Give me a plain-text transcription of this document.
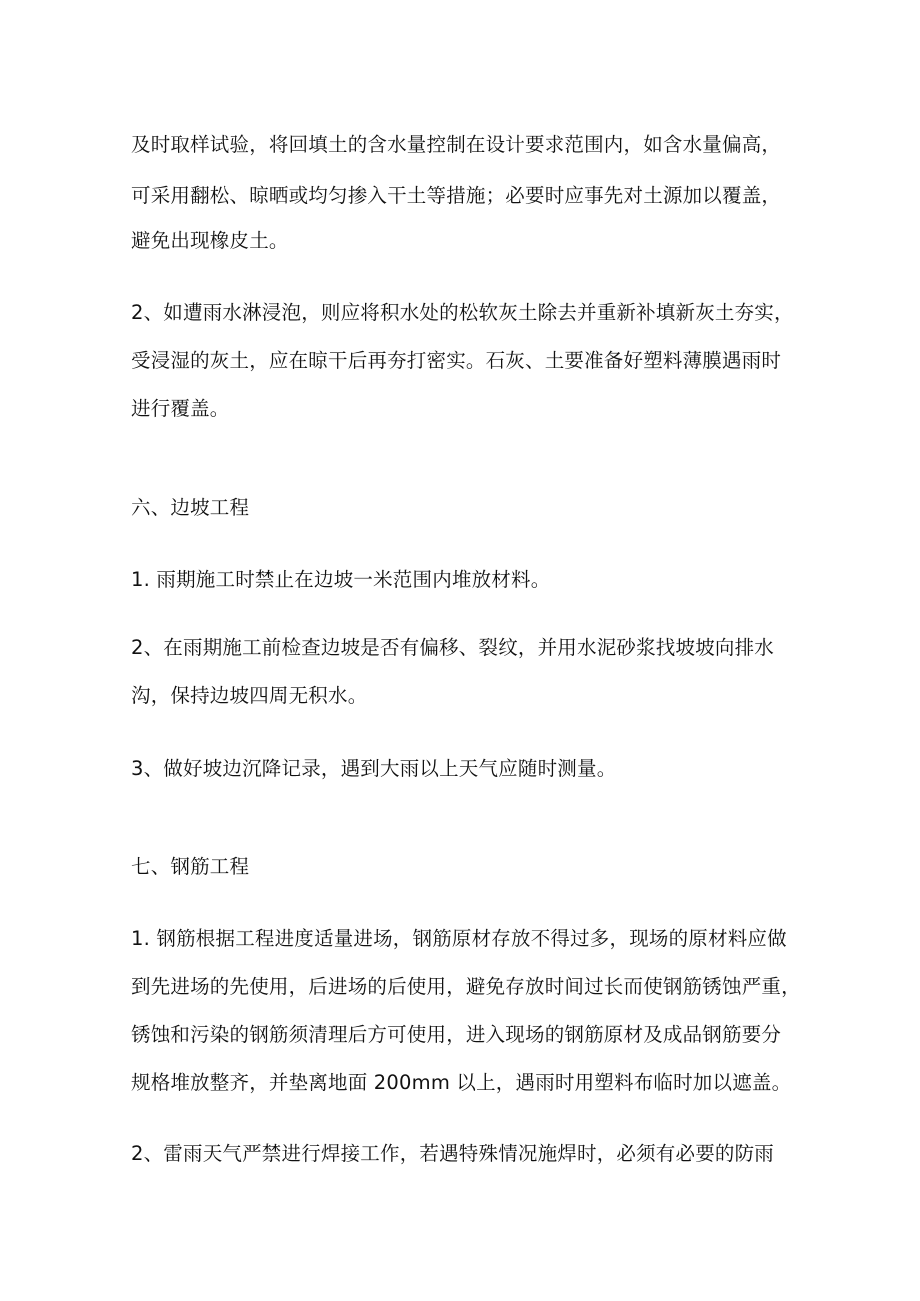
及时取样试验，将回填土的含水量控制在设计要求范围内，如含水量偏高，
可采用翻松、晾晒或均匀掺入干土等措施；必要时应事先对土源加以覆盖，
避免出现橡皮土。
2、如遭雨水淋浸泡，则应将积水处的松软灰土除去并重新补填新灰土夯实，
受浸湿的灰土，应在晾干后再夯打密实。石灰、土要准备好塑料薄膜遇雨时
进行覆盖。
六、边坡工程
1. 雨期施工时禁止在边坡一米范围内堆放材料。
2、在雨期施工前检查边坡是否有偏移、裂纹，并用水泥砂浆找坡坡向排水
沟，保持边坡四周无积水。
3、做好坡边沉降记录，遇到大雨以上天气应随时测量。
七、钢筋工程
1. 钢筋根据工程进度适量进场，钢筋原材存放不得过多，现场的原材料应做
到先进场的先使用，后进场的后使用，避免存放时间过长而使钢筋锈蚀严重，
锈蚀和污染的钢筋须清理后方可使用，进入现场的钢筋原材及成品钢筋要分
规格堆放整齐，并垫离地面 200mm 以上，遇雨时用塑料布临时加以遮盖。
2、雷雨天气严禁进行焊接工作，若遇特殊情况施焊时，必须有必要的防雨
